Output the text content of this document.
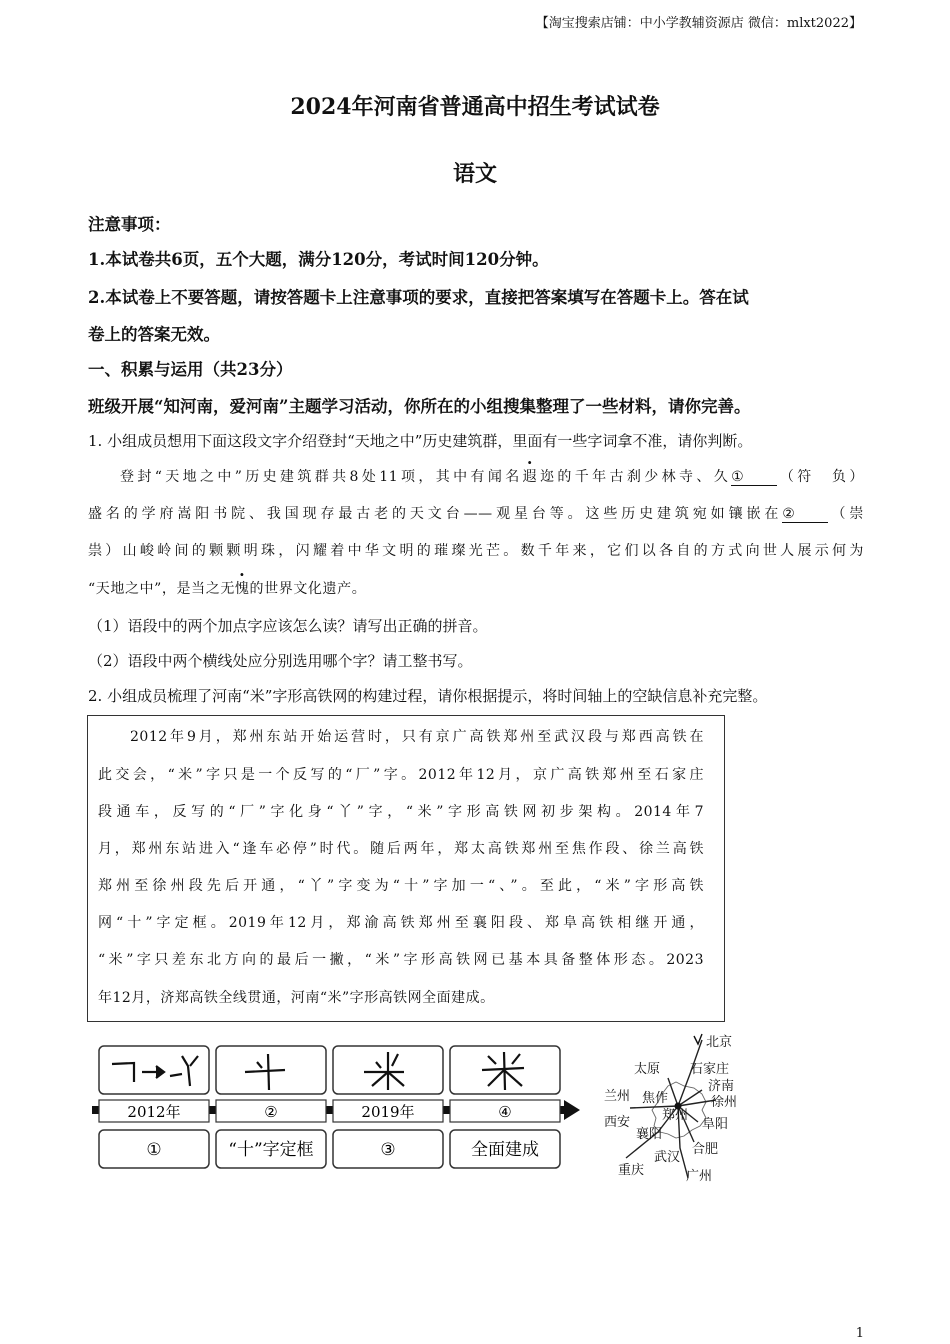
【淘宝搜索店铺：中小学教辅资源店 微信：mlxt2022】
2024年河南省普通高中招生考试试卷
语文
注意事项：
1.本试卷共6页，五个大题，满分120分，考试时间120分钟。
2.本试卷上不要答题，请按答题卡上注意事项的要求，直接把答案填写在答题卡上。答在试
卷上的答案无效。
一、积累与运用（共23分）
班级开展“知河南，爱河南”主题学习活动，你所在的小组搜集整理了一些材料，请你完善。
1. 小组成员想用下面这段文字介绍登封“天地之中”历史建筑群，里面有一些字词拿不准，请你判断。
登封“天地之中”历史建筑群共8处11项，其中有闻名遐迩的千年古刹少林寺、久① （符　负）
盛名的学府嵩阳书院、我国现存最古老的天文台——观星台等。这些历史建筑宛如镶嵌在② （崇
祟）山峻岭间的颗颗明珠，闪耀着中华文明的璀璨光芒。数千年来，它们以各自的方式向世人展示何为
“天地之中”，是当之无愧的世界文化遗产。
（1）语段中的两个加点字应该怎么读？请写出正确的拼音。
（2）语段中两个横线处应分别选用哪个字？请工整书写。
2. 小组成员梳理了河南“米”字形高铁网的构建过程，请你根据提示，将时间轴上的空缺信息补充完整。
2012年9月，郑州东站开始运营时，只有京广高铁郑州至武汉段与郑西高铁在
此交会，“米”字只是一个反写的“厂”字。2012年12月，京广高铁郑州至石家庄
段通车，反写的“厂”字化身“丫”字，“米”字形高铁网初步架构。2014年7
月，郑州东站进入“逢车必停”时代。随后两年，郑太高铁郑州至焦作段、徐兰高铁
郑州至徐州段先后开通，“丫”字变为“十”字加一“、”。至此，“米”字形高铁
网“十”字定框。2019年12月，郑渝高铁郑州至襄阳段、郑阜高铁相继开通，
“米”字只差东北方向的最后一撇，“米”字形高铁网已基本具备整体形态。2023
年12月，济郑高铁全线贯通，河南“米”字形高铁网全面建成。
2012年	②	2019年	④
①	“十”字定框	③	全面建成
北京
太原 石家庄
济南
兰州 焦作	徐州
郑州
西安	阜阳
襄阳
合肥
武汉
重庆	广州
1
